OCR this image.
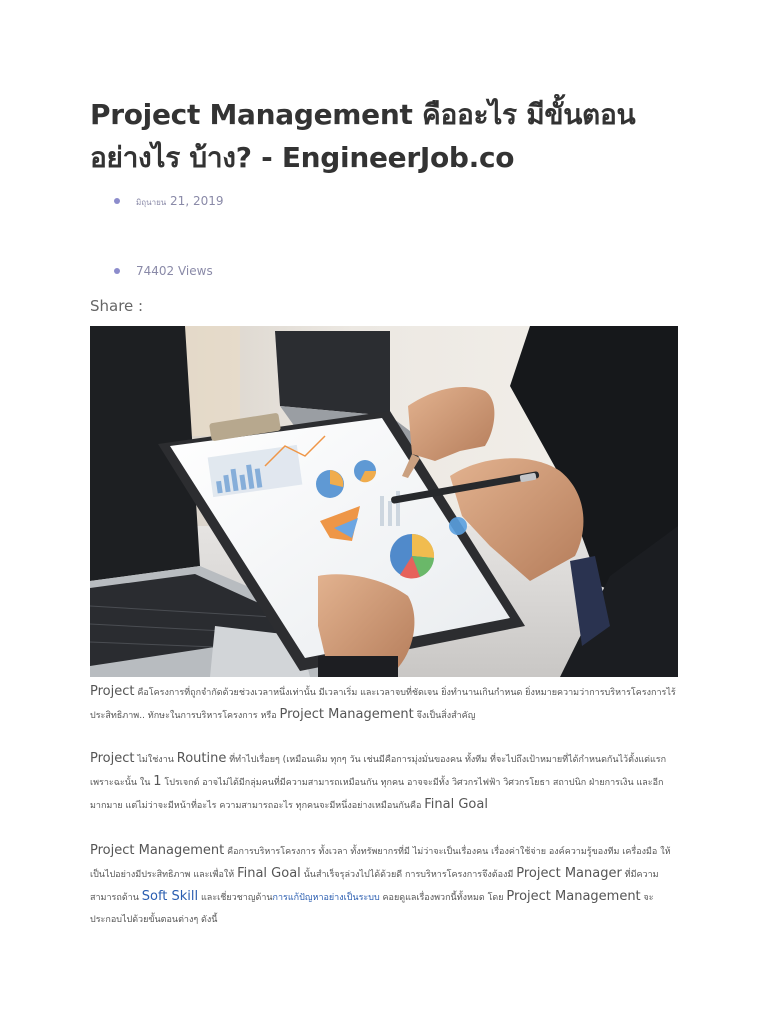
Project Management คืออะไร มีขั้นตอนอย่างไร บ้าง? - EngineerJob.co
มิถุนายน 21, 2019
74402 Views

Share :

Project คือโครงการที่ถูกจำกัดด้วยช่วงเวลาหนึ่งเท่านั้น มีเวลาเริ่ม และเวลาจบที่ชัดเจน ยิ่งทำนานเกินกำหนด ยิ่งหมายความว่าการบริหารโครงการไร้ประสิทธิภาพ.. ทักษะในการบริหารโครงการ หรือ Project Management จึงเป็นสิ่งสำคัญ

Project ไม่ใช่งาน Routine ที่ทำไปเรื่อยๆ (เหมือนเดิม ทุกๆ วัน เช่นมีคือการมุ่งมั่นของคน ทั้งทีม ที่จะไปถึงเป้าหมายที่ได้กำหนดกันไว้ตั้งแต่แรก เพราะฉะนั้น ใน 1 โปรเจกต์ อาจไม่ได้มีกลุ่มคนที่มีความสามารถเหมือนกัน ทุกคน อาจจะมีทั้ง วิศวกรไฟฟ้า วิศวกรโยธา สถาปนิก ฝ่ายการเงิน และอีกมากมาย แต่ไม่ว่าจะมีหน้าที่อะไร ความสามารถอะไร ทุกคนจะมีหนึ่งอย่างเหมือนกันคือ Final Goal

Project Management คือการบริหารโครงการ ทั้งเวลา ทั้งทรัพยากรที่มี ไม่ว่าจะเป็นเรื่องคน เรื่องค่าใช้จ่าย องค์ความรู้ของทีม เครื่องมือ ให้เป็นไปอย่างมีประสิทธิภาพ และเพื่อให้ Final Goal นั้นสำเร็จรุล่วงไปได้ด้วยดี การบริหารโครงการจึงต้องมี Project Manager ที่มีความสามารถด้าน Soft Skill และเชี่ยวชาญด้านการแก้ปัญหาอย่างเป็นระบบ คอยดูแลเรื่องพวกนี้ทั้งหมด โดย Project Management จะประกอบไปด้วยขั้นตอนต่างๆ ดังนี้
